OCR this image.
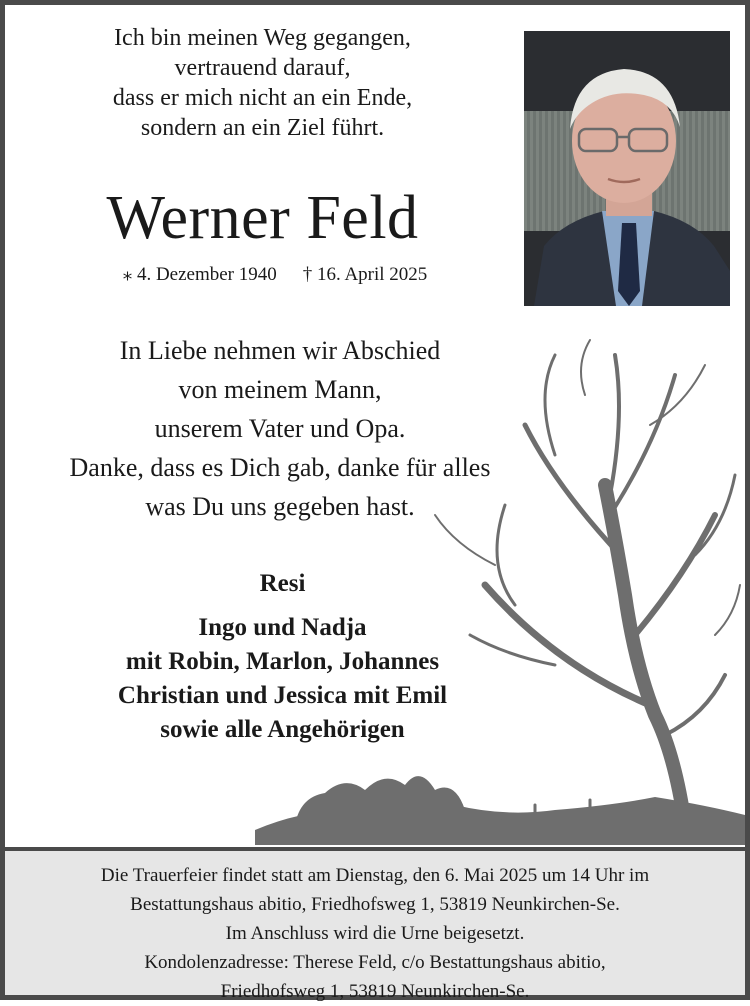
Ich bin meinen Weg gegangen,
vertrauend darauf,
dass er mich nicht an ein Ende,
sondern an ein Ziel führt.
Werner Feld
⁎ 4. Dezember 1940 † 16. April 2025
In Liebe nehmen wir Abschied
von meinem Mann,
unserem Vater und Opa.
Danke, dass es Dich gab, danke für alles
was Du uns gegeben hast.
Resi
Ingo und Nadja
mit Robin, Marlon, Johannes
Christian und Jessica mit Emil
sowie alle Angehörigen
Die Trauerfeier findet statt am Dienstag, den 6. Mai 2025 um 14 Uhr im
Bestattungshaus abitio, Friedhofsweg 1, 53819 Neunkirchen-Se.
Im Anschluss wird die Urne beigesetzt.
Kondolenzadresse: Therese Feld, c/o Bestattungshaus abitio,
Friedhofsweg 1, 53819 Neunkirchen-Se.
